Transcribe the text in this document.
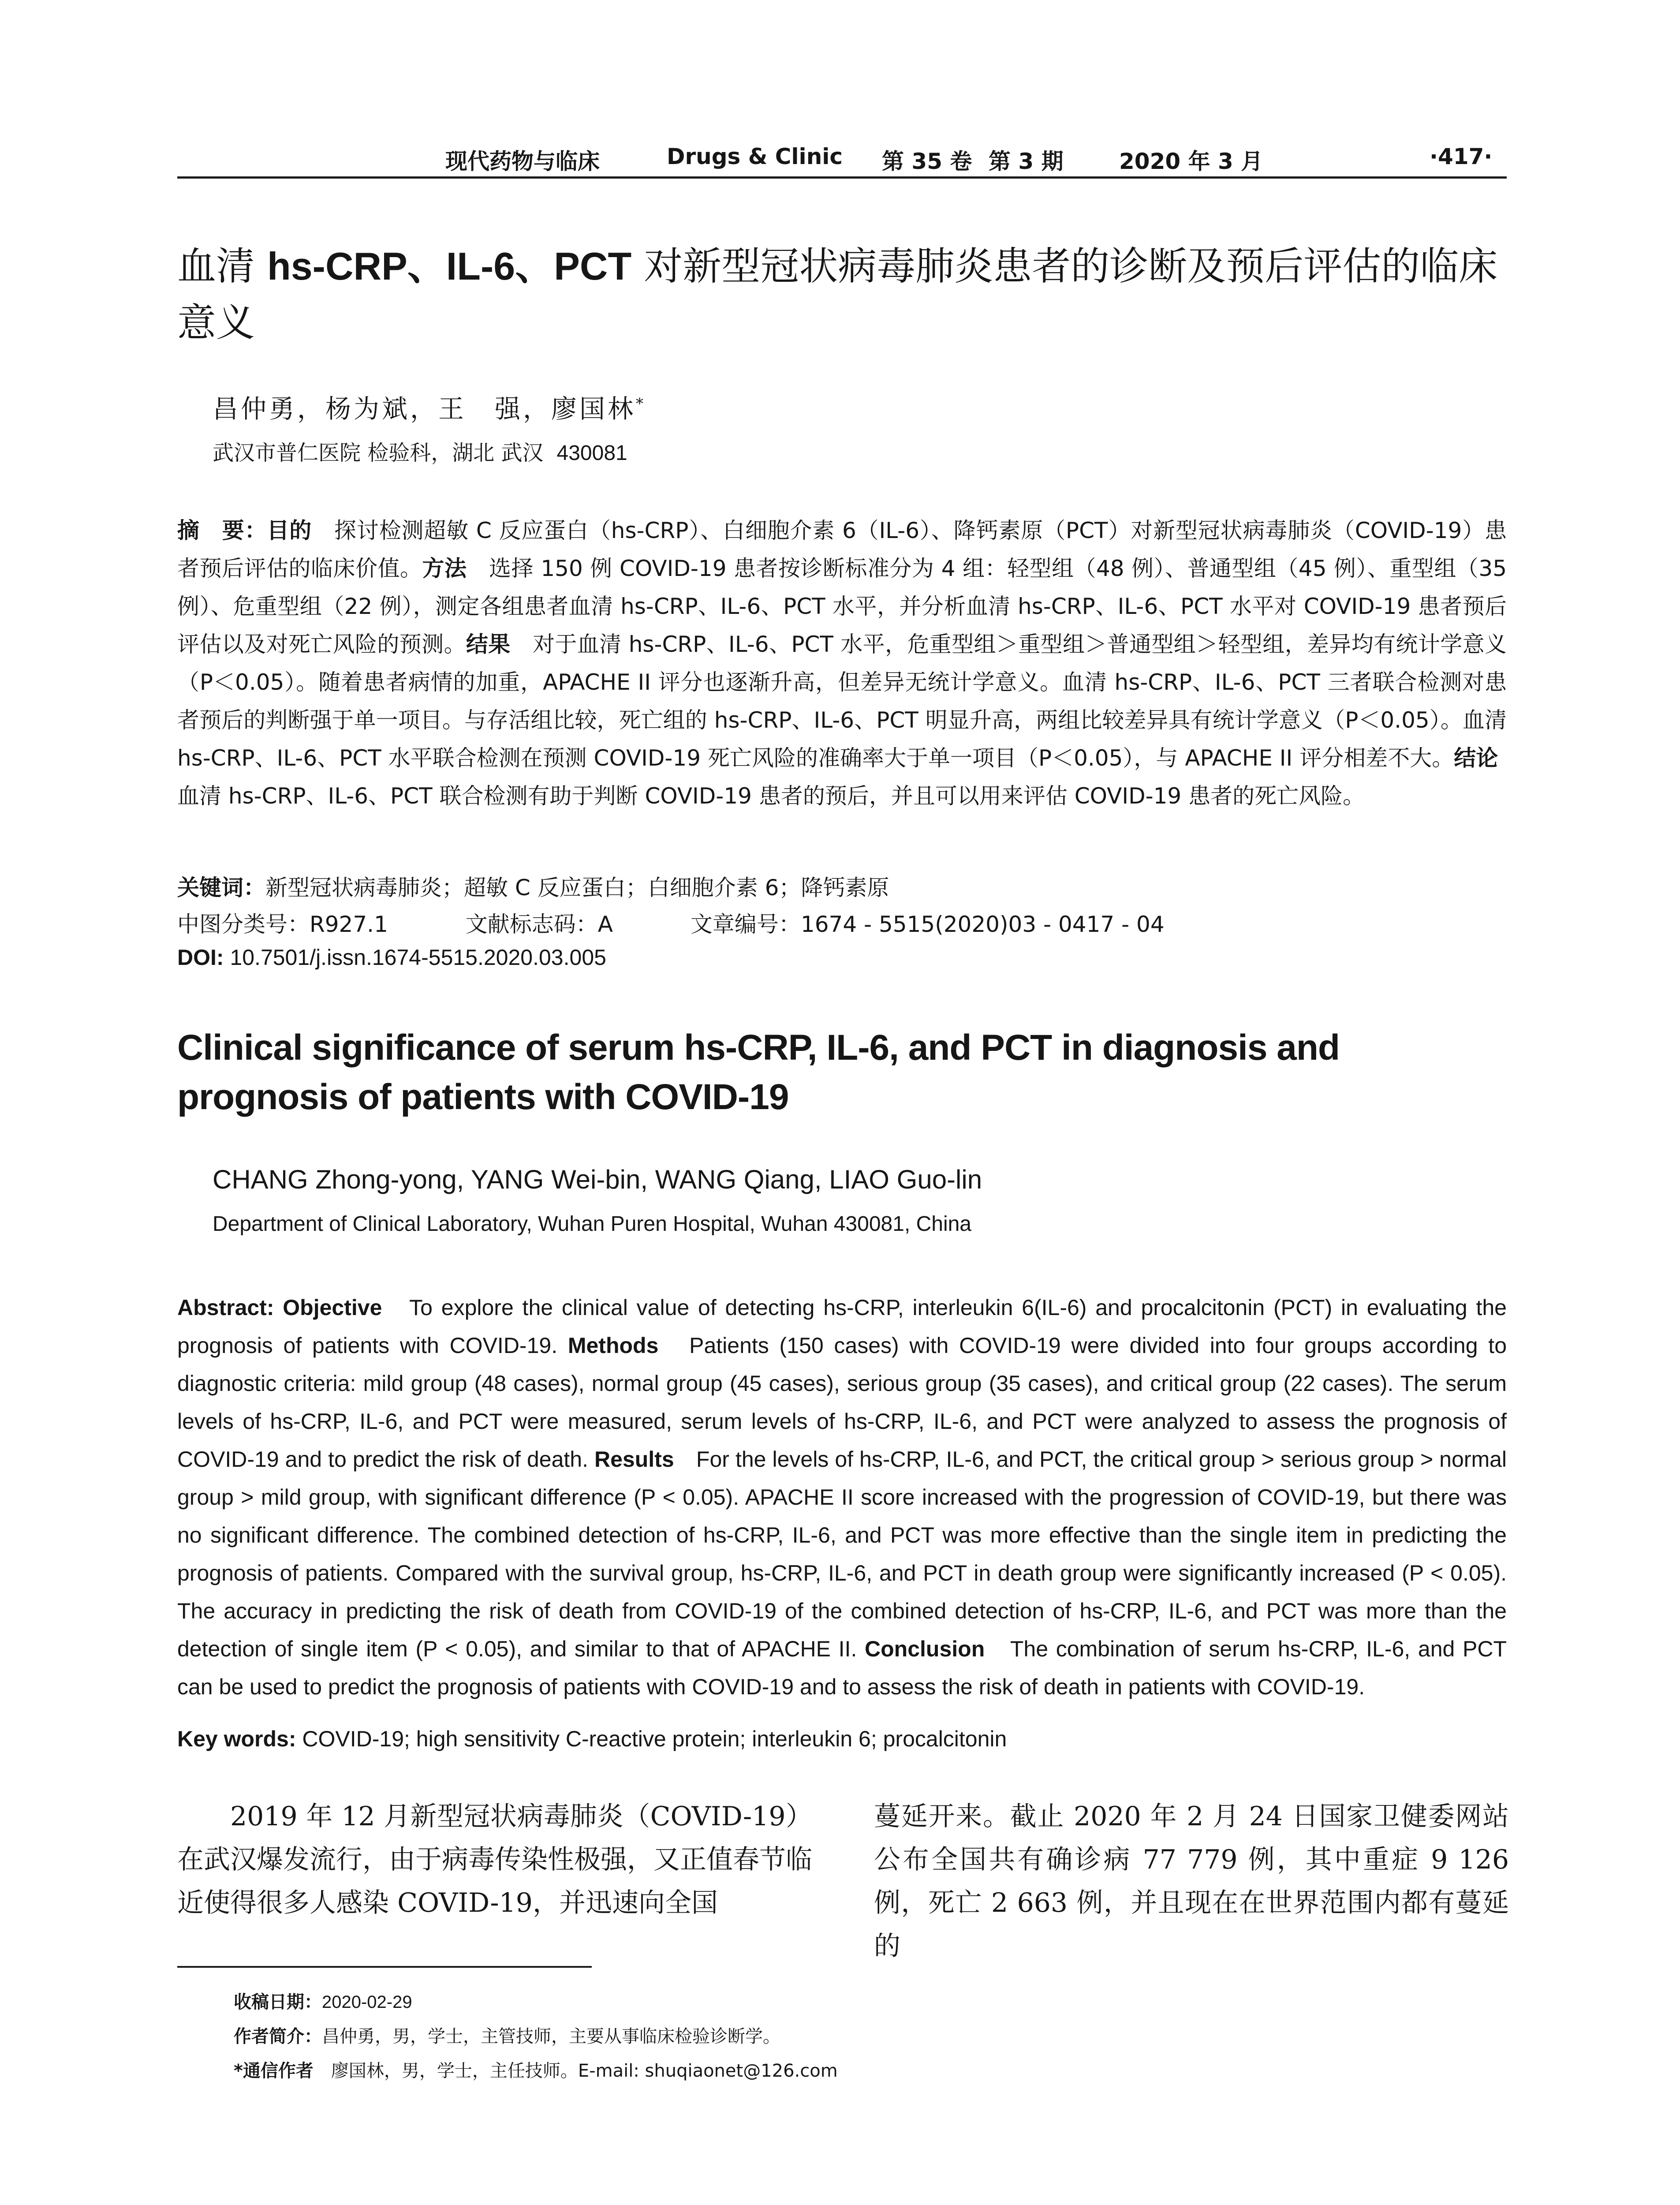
现代药物与临床	Drugs & Clinic 第 35 卷 第 3 期	2020 年 3 月	·417·
血清 hs-CRP、IL-6、PCT 对新型冠状病毒肺炎患者的诊断及预后评估的临床意义
昌仲勇，杨为斌，王　强，廖国林*
武汉市普仁医院 检验科，湖北 武汉 430081
摘　要：目的　探讨检测超敏 C 反应蛋白（hs-CRP）、白细胞介素 6（IL-6）、降钙素原（PCT）对新型冠状病毒肺炎（COVID-19）患者预后评估的临床价值。方法　选择 150 例 COVID-19 患者按诊断标准分为 4 组：轻型组（48 例）、普通型组（45 例）、重型组（35 例）、危重型组（22 例），测定各组患者血清 hs-CRP、IL-6、PCT 水平，并分析血清 hs-CRP、IL-6、PCT 水平对 COVID-19 患者预后评估以及对死亡风险的预测。结果　对于血清 hs-CRP、IL-6、PCT 水平，危重型组＞重型组＞普通型组＞轻型组，差异均有统计学意义（P＜0.05）。随着患者病情的加重，APACHE II 评分也逐渐升高，但差异无统计学意义。血清 hs-CRP、IL-6、PCT 三者联合检测对患者预后的判断强于单一项目。与存活组比较，死亡组的 hs-CRP、IL-6、PCT 明显升高，两组比较差异具有统计学意义（P＜0.05）。血清 hs-CRP、IL-6、PCT 水平联合检测在预测 COVID-19 死亡风险的准确率大于单一项目（P＜0.05），与 APACHE II 评分相差不大。结论　血清 hs-CRP、IL-6、PCT 联合检测有助于判断 COVID-19 患者的预后，并且可以用来评估 COVID-19 患者的死亡风险。
关键词：新型冠状病毒肺炎；超敏 C 反应蛋白；白细胞介素 6；降钙素原
中图分类号：R927.1	文献标志码：A	文章编号：1674 - 5515(2020)03 - 0417 - 04
DOI: 10.7501/j.issn.1674-5515.2020.03.005
Clinical significance of serum hs-CRP, IL-6, and PCT in diagnosis and prognosis of patients with COVID-19
CHANG Zhong-yong, YANG Wei-bin, WANG Qiang, LIAO Guo-lin
Department of Clinical Laboratory, Wuhan Puren Hospital, Wuhan 430081, China
Abstract: Objective　To explore the clinical value of detecting hs-CRP, interleukin 6(IL-6) and procalcitonin (PCT) in evaluating the prognosis of patients with COVID-19. Methods　Patients (150 cases) with COVID-19 were divided into four groups according to diagnostic criteria: mild group (48 cases), normal group (45 cases), serious group (35 cases), and critical group (22 cases). The serum levels of hs-CRP, IL-6, and PCT were measured, serum levels of hs-CRP, IL-6, and PCT were analyzed to assess the prognosis of COVID-19 and to predict the risk of death. Results　For the levels of hs-CRP, IL-6, and PCT, the critical group > serious group > normal group > mild group, with significant difference (P < 0.05). APACHE II score increased with the progression of COVID-19, but there was no significant difference. The combined detection of hs-CRP, IL-6, and PCT was more effective than the single item in predicting the prognosis of patients. Compared with the survival group, hs-CRP, IL-6, and PCT in death group were significantly increased (P < 0.05). The accuracy in predicting the risk of death from COVID-19 of the combined detection of hs-CRP, IL-6, and PCT was more than the detection of single item (P < 0.05), and similar to that of APACHE II. Conclusion　The combination of serum hs-CRP, IL-6, and PCT can be used to predict the prognosis of patients with COVID-19 and to assess the risk of death in patients with COVID-19.
Key words: COVID-19; high sensitivity C-reactive protein; interleukin 6; procalcitonin
2019 年 12 月新型冠状病毒肺炎（COVID-19）在武汉爆发流行，由于病毒传染性极强，又正值春节临近使得很多人感染 COVID-19，并迅速向全国
蔓延开来。截止 2020 年 2 月 24 日国家卫健委网站公布全国共有确诊病 77 779 例，其中重症 9 126 例，死亡 2 663 例，并且现在在世界范围内都有蔓延的
收稿日期：2020-02-29
作者简介：昌仲勇，男，学士，主管技师，主要从事临床检验诊断学。
*通信作者　廖国林，男，学士，主任技师。E-mail: shuqiaonet@126.com
